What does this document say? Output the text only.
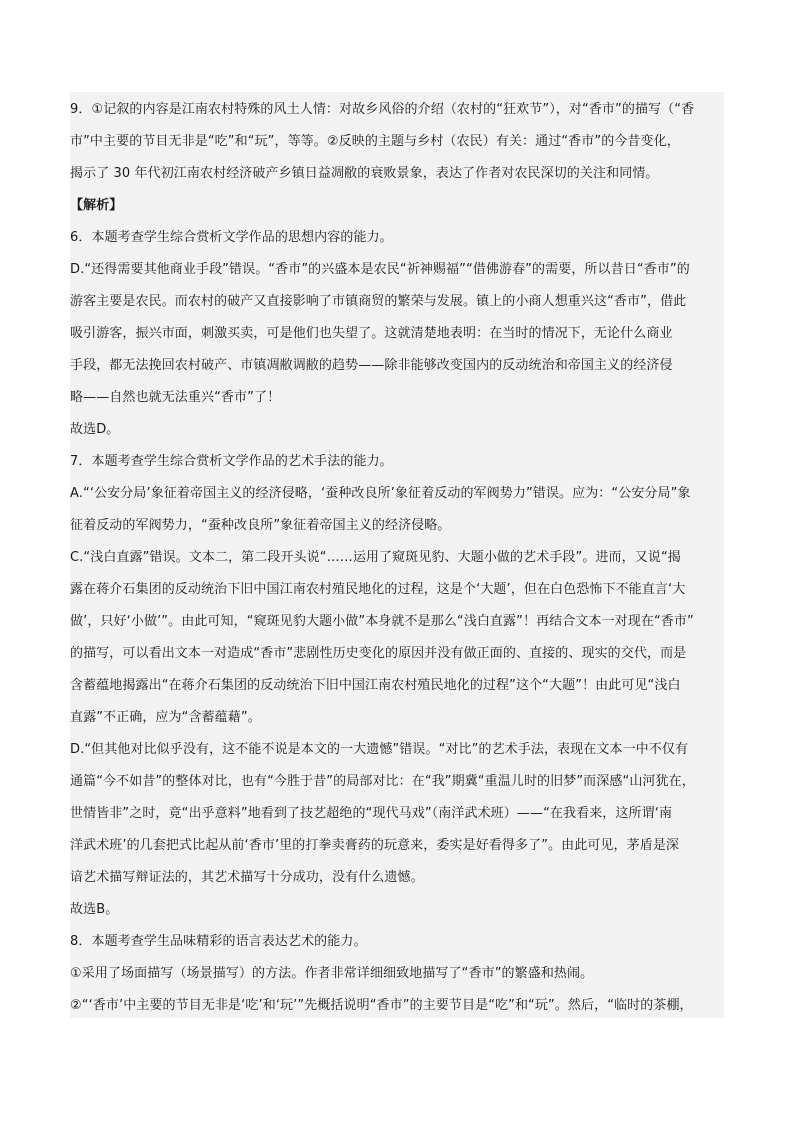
9．①记叙的内容是江南农村特殊的风土人情：对故乡风俗的介绍（农村的“狂欢节”），对“香市”的描写（“香
市”中主要的节目无非是“吃”和“玩”，等等。②反映的主题与乡村（农民）有关：通过“香市”的今昔变化，
揭示了 30 年代初江南农村经济破产乡镇日益凋敝的衰败景象，表达了作者对农民深切的关注和同情。
【解析】
6．本题考查学生综合赏析文学作品的思想内容的能力。
D.“还得需要其他商业手段”错误。“香市”的兴盛本是农民“祈神赐福”“借佛游春”的需要，所以昔日“香市”的
游客主要是农民。而农村的破产又直接影响了市镇商贸的繁荣与发展。镇上的小商人想重兴这“香市”，借此
吸引游客，振兴市面，刺激买卖，可是他们也失望了。这就清楚地表明：在当时的情况下，无论什么商业
手段，都无法挽回农村破产、市镇凋敝调敝的趋势——除非能够改变国内的反动统治和帝国主义的经济侵
略——自然也就无法重兴“香市”了！
故选D。
7．本题考查学生综合赏析文学作品的艺术手法的能力。
A.“‘公安分局’象征着帝国主义的经济侵略，‘蚕种改良所’象征着反动的军阀势力”错误。应为：“公安分局”象
征着反动的军阀势力，“蚕种改良所”象征着帝国主义的经济侵略。
C.“浅白直露”错误。文本二，第二段开头说“……运用了窥斑见豹、大题小做的艺术手段”。进而，又说“揭
露在蒋介石集团的反动统治下旧中国江南农村殖民地化的过程，这是个‘大题’，但在白色恐怖下不能直言‘大
做’，只好‘小做’”。由此可知，“窥斑见豹大题小做”本身就不是那么“浅白直露”！再结合文本一对现在“香市”
的描写，可以看出文本一对造成“香市”悲剧性历史变化的原因并没有做正面的、直接的、现实的交代，而是
含蓄蕴地揭露出“在蒋介石集团的反动统治下旧中国江南农村殖民地化的过程”这个“大题”！由此可见“浅白
直露”不正确，应为“含蓄蕴藉”。
D.“但其他对比似乎没有，这不能不说是本文的一大遗憾”错误。“对比”的艺术手法，表现在文本一中不仅有
通篇“今不如昔”的整体对比，也有“今胜于昔”的局部对比：在“我”期冀“重温儿时的旧梦”而深感“山河犹在，
世情皆非”之时，竟“出乎意料”地看到了技艺超绝的“现代马戏”（南洋武术班）——“在我看来，这所谓‘南
洋武术班’的几套把式比起从前‘香市’里的打拳卖膏药的玩意来，委实是好看得多了”。由此可见，茅盾是深
谙艺术描写辩证法的，其艺术描写十分成功，没有什么遗憾。
故选B。
8．本题考查学生品味精彩的语言表达艺术的能力。
①采用了场面描写（场景描写）的方法。作者非常详细细致地描写了“香市”的繁盛和热闹。
②“‘香市’中主要的节目无非是‘吃’和‘玩’”先概括说明“香市”的主要节目是“吃”和“玩”。然后，“临时的茶棚，
